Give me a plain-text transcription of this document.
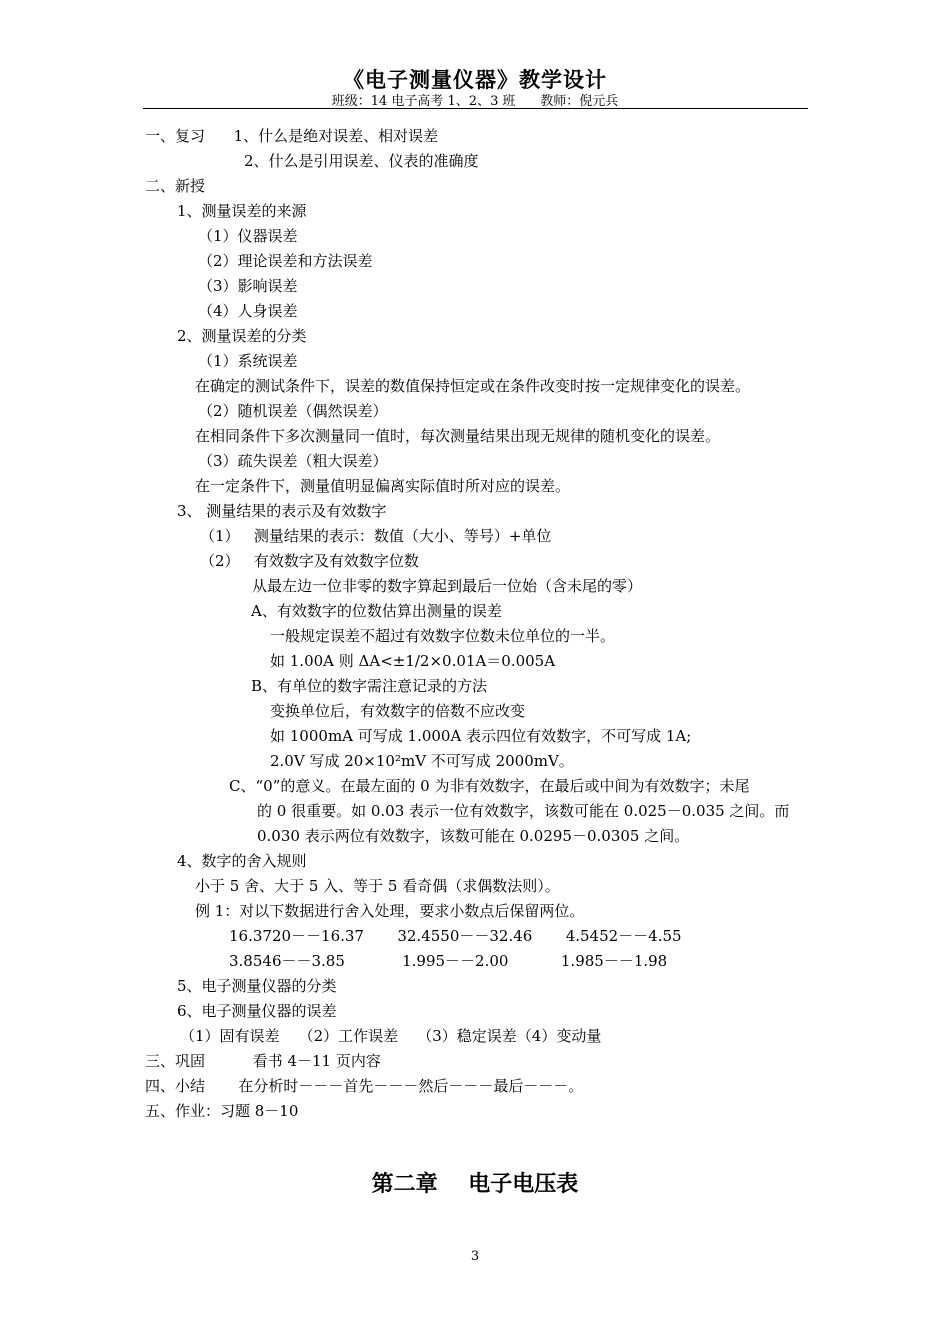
《电子测量仪器》教学设计
班级：14 电子高考 1、2、3 班      教师：倪元兵
一、复习      1、什么是绝对误差、相对误差
2、什么是引用误差、仪表的准确度
二、新授
1、测量误差的来源
（1）仪器误差
（2）理论误差和方法误差
（3）影响误差
（4）人身误差
2、测量误差的分类
（1）系统误差
在确定的测试条件下，误差的数值保持恒定或在条件改变时按一定规律变化的误差。
（2）随机误差（偶然误差）
在相同条件下多次测量同一值时，每次测量结果出现无规律的随机变化的误差。
（3）疏失误差（粗大误差）
在一定条件下，测量值明显偏离实际值时所对应的误差。
3、 测量结果的表示及有效数字
（1）   测量结果的表示：数值（大小、等号）+单位
（2）   有效数字及有效数字位数
从最左边一位非零的数字算起到最后一位始（含未尾的零）
A、有效数字的位数估算出测量的误差
一般规定误差不超过有效数字位数未位单位的一半。
如 1.00A 则 ΔA<±1/2×0.01A＝0.005A
B、有单位的数字需注意记录的方法
变换单位后，有效数字的倍数不应改变
如 1000mA 可写成 1.000A 表示四位有效数字，不可写成 1A;
2.0V 写成 20×10²mV 不可写成 2000mV。
C、“0”的意义。在最左面的 0 为非有效数字，在最后或中间为有效数字；未尾
的 0 很重要。如 0.03 表示一位有效数字，该数可能在 0.025－0.035 之间。而
0.030 表示两位有效数字，该数可能在 0.0295－0.0305 之间。
4、数字的舍入规则
小于 5 舍、大于 5 入、等于 5 看奇偶（求偶数法则）。
例 1：对以下数据进行舍入处理，要求小数点后保留两位。
16.3720－－16.37       32.4550－－32.46       4.5452－－4.55
3.8546－－3.85            1.995－－2.00           1.985－－1.98
5、电子测量仪器的分类
6、电子测量仪器的误差
（1）固有误差    （2）工作误差    （3）稳定误差（4）变动量
三、巩固          看书 4－11 页内容
四、小结       在分析时－－－首先－－－然后－－－最后－－－。
五、作业：习题 8－10
第二章    电子电压表
3
